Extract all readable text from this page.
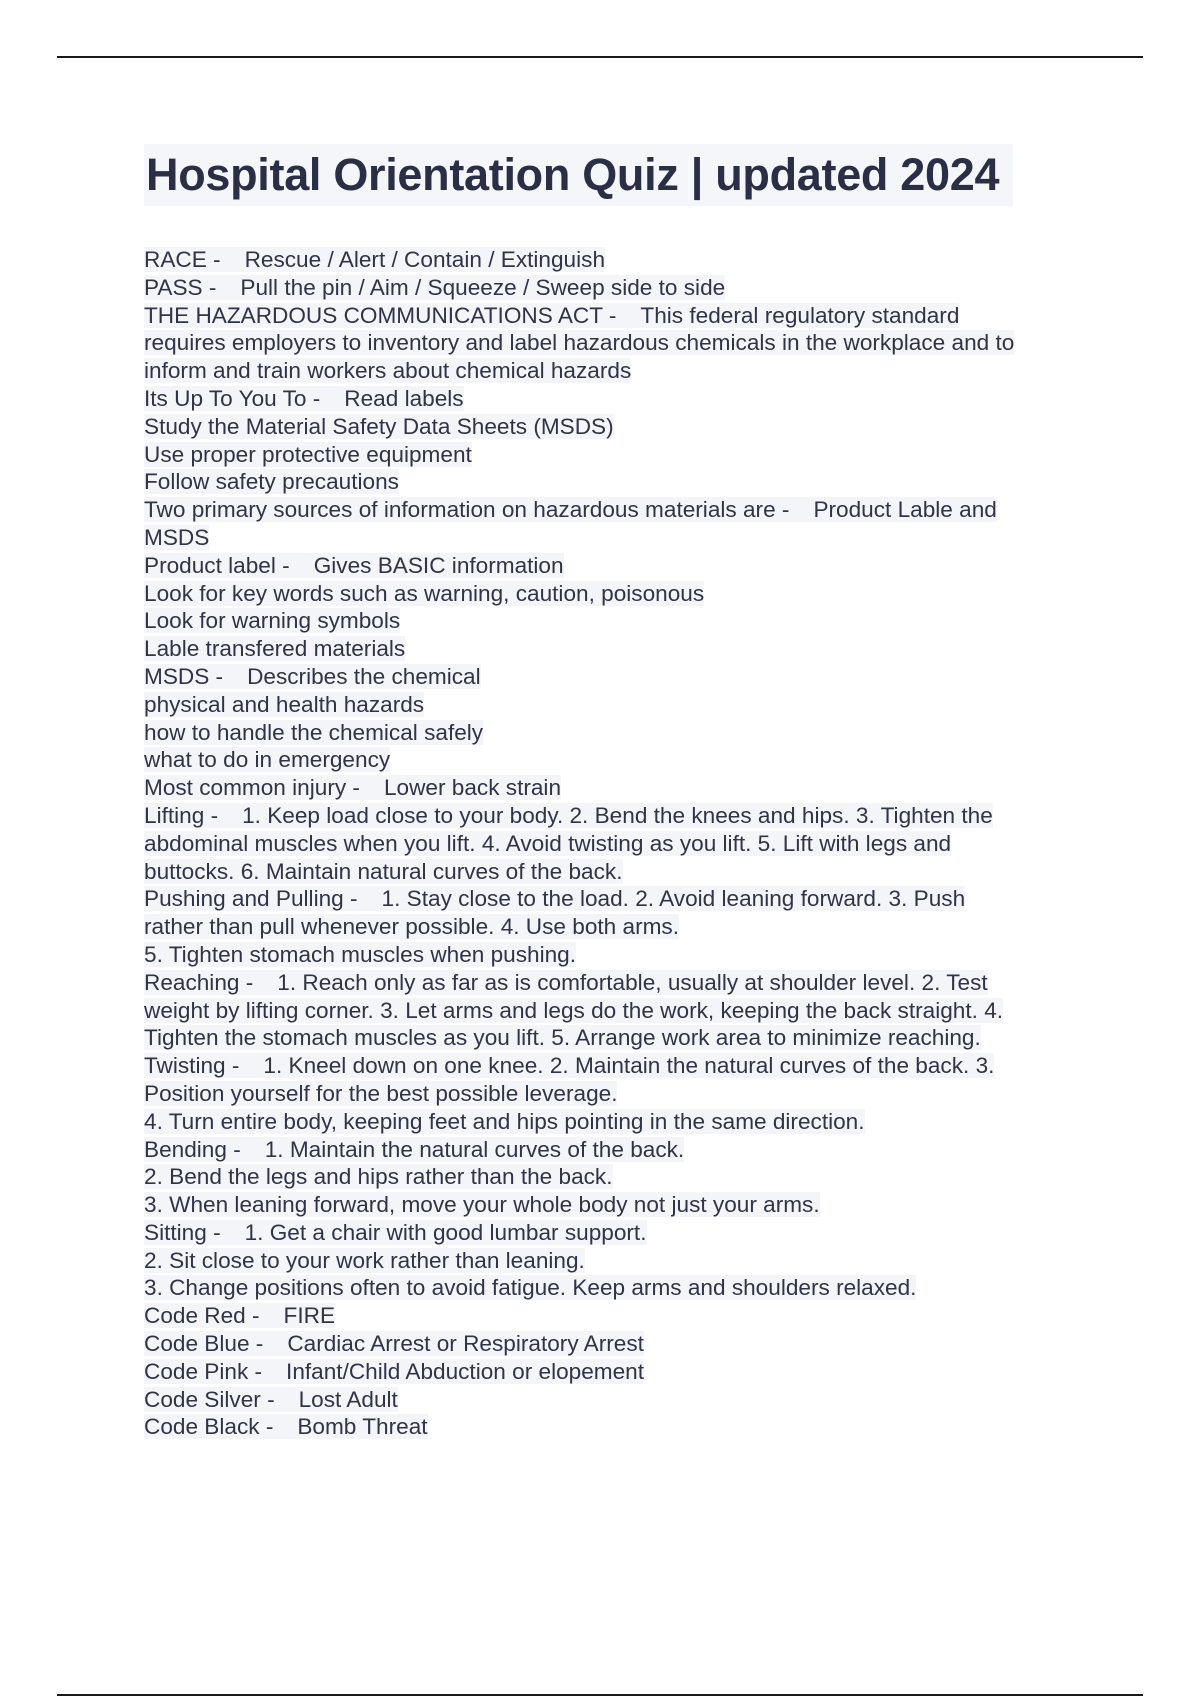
Hospital Orientation Quiz | updated 2024
RACE - Rescue / Alert / Contain / Extinguish
PASS - Pull the pin / Aim / Squeeze / Sweep side to side
THE HAZARDOUS COMMUNICATIONS ACT - This federal regulatory standard
requires employers to inventory and label hazardous chemicals in the workplace and to
inform and train workers about chemical hazards
Its Up To You To - Read labels
Study the Material Safety Data Sheets (MSDS)
Use proper protective equipment
Follow safety precautions
Two primary sources of information on hazardous materials are - Product Lable and
MSDS
Product label - Gives BASIC information
Look for key words such as warning, caution, poisonous
Look for warning symbols
Lable transfered materials
MSDS - Describes the chemical
physical and health hazards
how to handle the chemical safely
what to do in emergency
Most common injury - Lower back strain
Lifting - 1. Keep load close to your body. 2. Bend the knees and hips. 3. Tighten the
abdominal muscles when you lift. 4. Avoid twisting as you lift. 5. Lift with legs and
buttocks. 6. Maintain natural curves of the back.
Pushing and Pulling - 1. Stay close to the load. 2. Avoid leaning forward. 3. Push
rather than pull whenever possible. 4. Use both arms.
5. Tighten stomach muscles when pushing.
Reaching - 1. Reach only as far as is comfortable, usually at shoulder level. 2. Test
weight by lifting corner. 3. Let arms and legs do the work, keeping the back straight. 4.
Tighten the stomach muscles as you lift. 5. Arrange work area to minimize reaching.
Twisting - 1. Kneel down on one knee. 2. Maintain the natural curves of the back. 3.
Position yourself for the best possible leverage.
4. Turn entire body, keeping feet and hips pointing in the same direction.
Bending - 1. Maintain the natural curves of the back.
2. Bend the legs and hips rather than the back.
3. When leaning forward, move your whole body not just your arms.
Sitting - 1. Get a chair with good lumbar support.
2. Sit close to your work rather than leaning.
3. Change positions often to avoid fatigue. Keep arms and shoulders relaxed.
Code Red - FIRE
Code Blue - Cardiac Arrest or Respiratory Arrest
Code Pink - Infant/Child Abduction or elopement
Code Silver - Lost Adult
Code Black - Bomb Threat
